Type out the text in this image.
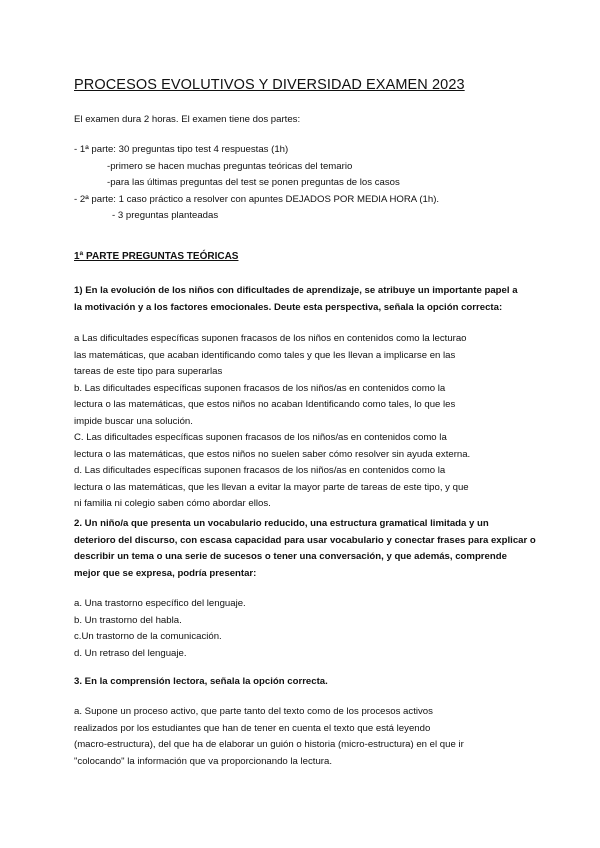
PROCESOS EVOLUTIVOS Y DIVERSIDAD EXAMEN 2023
El examen dura 2 horas. El examen tiene dos partes:
- 1ª parte: 30 preguntas tipo test 4 respuestas (1h)
-primero se hacen muchas preguntas teóricas del temario
-para las últimas preguntas del test se ponen preguntas de los casos
- 2ª parte: 1 caso práctico a resolver con apuntes DEJADOS POR MEDIA HORA (1h).
- 3 preguntas planteadas
1ª PARTE PREGUNTAS TEÓRICAS
1) En la evolución de los niños con dificultades de aprendizaje, se atribuye un importante papel a
la motivación y a los factores emocionales. Deute esta perspectiva, señala la opción correcta:
a Las dificultades específicas suponen fracasos de los niños en contenidos como la lecturao
las matemáticas, que acaban identificando como tales y que les llevan a implicarse en las
tareas de este tipo para superarlas
b. Las dificultades específicas suponen fracasos de los niños/as en contenidos como la
lectura o las matemáticas, que estos niños no acaban Identificando como tales, lo que les
impide buscar una solución.
C. Las dificultades específicas suponen fracasos de los niños/as en contenidos como la
lectura o las matemáticas, que estos niños no suelen saber cómo resolver sin ayuda externa.
d. Las dificultades específicas suponen fracasos de los niños/as en contenidos como la
lectura o las matemáticas, que les llevan a evitar la mayor parte de tareas de este tipo, y que
ni familia ni colegio saben cómo abordar ellos.
2. Un niño/a que presenta un vocabulario reducido, una estructura gramatical limitada y un
deterioro del discurso, con escasa capacidad para usar vocabulario y conectar frases para explicar o
describir un tema o una serie de sucesos o tener una conversación, y que además, comprende
mejor que se expresa, podría presentar:
a. Una trastorno específico del lenguaje.
b. Un trastorno del habla.
c.Un trastorno de la comunicación.
d. Un retraso del lenguaje.
3. En la comprensión lectora, señala la opción correcta.
a. Supone un proceso activo, que parte tanto del texto como de los procesos activos
realizados por los estudiantes que han de tener en cuenta el texto que está leyendo
(macro-estructura), del que ha de elaborar un guión o historia (micro-estructura) en el que ir
"colocando" la información que va proporcionando la lectura.
